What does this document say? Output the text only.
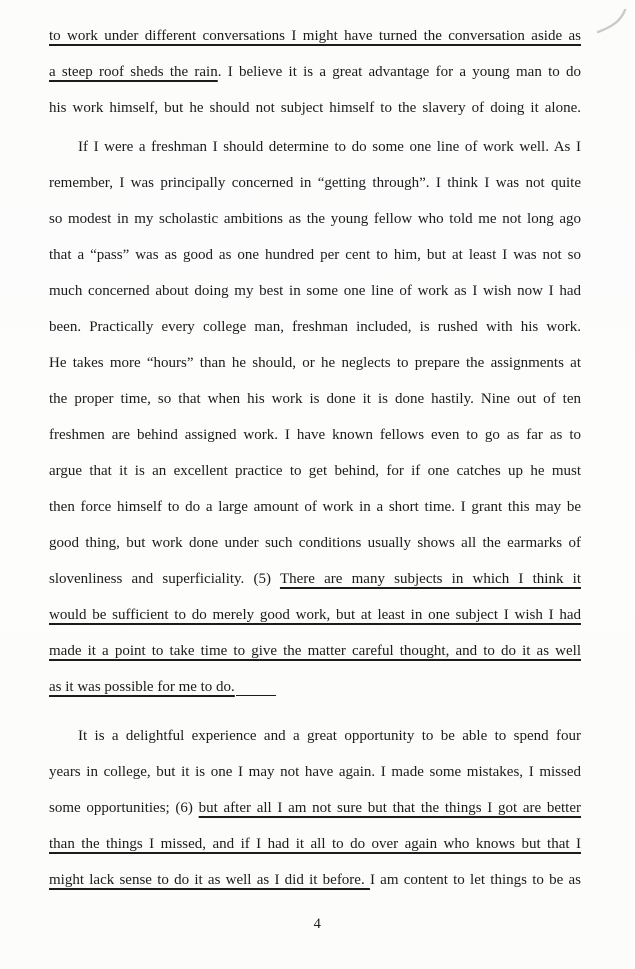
to work under different conversations I might have turned the conversation aside as
a steep roof sheds the rain. I believe it is a great advantage for a young man to do
his work himself, but he should not subject himself to the slavery of doing it alone.
If I were a freshman I should determine to do some one line of work well. As I
remember, I was principally concerned in “getting through”. I think I was not quite
so modest in my scholastic ambitions as the young fellow who told me not long ago
that a “pass” was as good as one hundred per cent to him, but at least I was not so
much concerned about doing my best in some one line of work as I wish now I had
been. Practically every college man, freshman included, is rushed with his work.
He takes more “hours” than he should, or he neglects to prepare the assignments at
the proper time, so that when his work is done it is done hastily. Nine out of ten
freshmen are behind assigned work. I have known fellows even to go as far as to
argue that it is an excellent practice to get behind, for if one catches up he must
then force himself to do a large amount of work in a short time. I grant this may be
good thing, but work done under such conditions usually shows all the earmarks of
slovenliness and superficiality. (5) There are many subjects in which I think it
would be sufficient to do merely good work, but at least in one subject I wish I had
made it a point to take time to give the matter careful thought, and to do it as well
as it was possible for me to do.
It is a delightful experience and a great opportunity to be able to spend four
years in college, but it is one I may not have again. I made some mistakes, I missed
some opportunities; (6) but after all I am not sure but that the things I got are better
than the things I missed, and if I had it all to do over again who knows but that I
might lack sense to do it as well as I did it before. I am content to let things to be as
4
